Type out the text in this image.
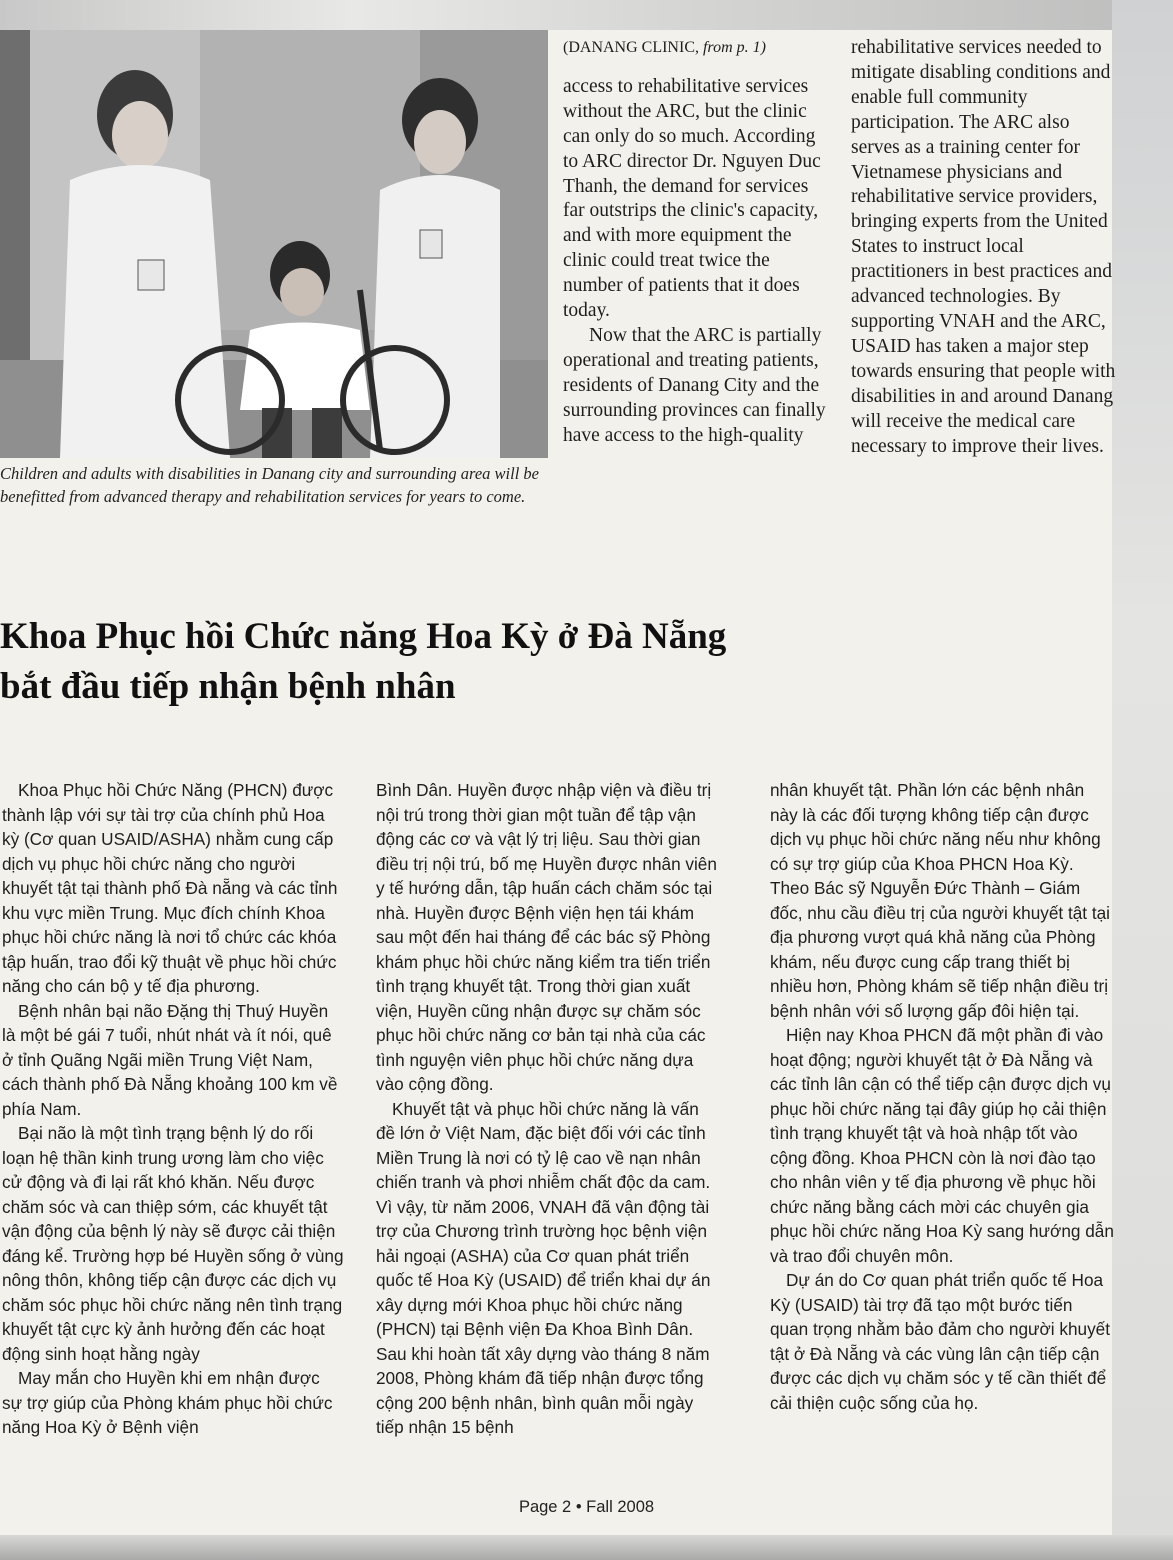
Children and adults with disabilities in Danang city and surrounding area will be benefitted from advanced therapy and rehabilitation services for years to come.

(DANANG CLINIC, from p. 1)

access to rehabilitative services without the ARC, but the clinic can only do so much. According to ARC director Dr. Nguyen Duc Thanh, the demand for services far outstrips the clinic's capacity, and with more equipment the clinic could treat twice the number of patients that it does today.

Now that the ARC is partially operational and treating patients, residents of Danang City and the surrounding provinces can finally have access to the high-quality

rehabilitative services needed to mitigate disabling conditions and enable full community participation. The ARC also serves as a training center for Vietnamese physicians and rehabilitative service providers, bringing experts from the United States to instruct local practitioners in best practices and advanced technologies. By supporting VNAH and the ARC, USAID has taken a major step towards ensuring that people with disabilities in and around Danang will receive the medical care necessary to improve their lives.

Khoa Phục hồi Chức năng Hoa Kỳ ở Đà Nẵng
bắt đầu tiếp nhận bệnh nhân

Khoa Phục hồi Chức Năng (PHCN) được thành lập với sự tài trợ của chính phủ Hoa kỳ (Cơ quan USAID/ASHA) nhằm cung cấp dịch vụ phục hồi chức năng cho người khuyết tật tại thành phố Đà nẵng và các tỉnh khu vực miền Trung. Mục đích chính Khoa phục hồi chức năng là nơi tổ chức các khóa tập huấn, trao đổi kỹ thuật về phục hồi chức năng cho cán bộ y tế địa phương.

Bệnh nhân bại não Đặng thị Thuý Huyền là một bé gái 7 tuổi, nhút nhát và ít nói, quê ở tỉnh Quãng Ngãi miền Trung Việt Nam, cách thành phố Đà Nẵng khoảng 100 km về phía Nam.

Bại não là một tình trạng bệnh lý do rối loạn hệ thần kinh trung ương làm cho việc cử động và đi lại rất khó khăn. Nếu được chăm sóc và can thiệp sớm, các khuyết tật vận động của bệnh lý này sẽ được cải thiện đáng kể. Trường hợp bé Huyền sống ở vùng nông thôn, không tiếp cận được các dịch vụ chăm sóc phục hồi chức năng nên tình trạng khuyết tật cực kỳ ảnh hưởng đến các hoạt động sinh hoạt hằng ngày

May mắn cho Huyền khi em nhận được sự trợ giúp của Phòng khám phục hồi chức năng Hoa Kỳ ở Bệnh viện

Bình Dân. Huyền được nhập viện và điều trị nội trú trong thời gian một tuần để tập vận động các cơ và vật lý trị liệu. Sau thời gian điều trị nội trú, bố mẹ Huyền được nhân viên y tế hướng dẫn, tập huấn cách chăm sóc tại nhà. Huyền được Bệnh viện hẹn tái khám sau một đến hai tháng để các bác sỹ Phòng khám phục hồi chức năng kiểm tra tiến triển tình trạng khuyết tật. Trong thời gian xuất viện, Huyền cũng nhận được sự chăm sóc phục hồi chức năng cơ bản tại nhà của các tình nguyện viên phục hồi chức năng dựa vào cộng đồng.

Khuyết tật và phục hồi chức năng là vấn đề lớn ở Việt Nam, đặc biệt đối với các tỉnh Miền Trung là nơi có tỷ lệ cao về nạn nhân chiến tranh và phơi nhiễm chất độc da cam. Vì vậy, từ năm 2006, VNAH đã vận động tài trợ của Chương trình trường học bệnh viện hải ngoại (ASHA) của Cơ quan phát triển quốc tế Hoa Kỳ (USAID) để triển khai dự án xây dựng mới Khoa phục hồi chức năng (PHCN) tại Bệnh viện Đa Khoa Bình Dân. Sau khi hoàn tất xây dựng vào tháng 8 năm 2008, Phòng khám đã tiếp nhận được tổng cộng 200 bệnh nhân, bình quân mỗi ngày tiếp nhận 15 bệnh

nhân khuyết tật. Phần lớn các bệnh nhân này là các đối tượng không tiếp cận được dịch vụ phục hồi chức năng nếu như không có sự trợ giúp của Khoa PHCN Hoa Kỳ. Theo Bác sỹ Nguyễn Đức Thành – Giám đốc, nhu cầu điều trị của người khuyết tật tại địa phương vượt quá khả năng của Phòng khám, nếu được cung cấp trang thiết bị nhiều hơn, Phòng khám sẽ tiếp nhận điều trị bệnh nhân với số lượng gấp đôi hiện tại.

Hiện nay Khoa PHCN đã một phần đi vào hoạt động; người khuyết tật ở Đà Nẵng và các tỉnh lân cận có thể tiếp cận được dịch vụ phục hồi chức năng tại đây giúp họ cải thiện tình trạng khuyết tật và hoà nhập tốt vào cộng đồng. Khoa PHCN còn là nơi đào tạo cho nhân viên y tế địa phương về phục hồi chức năng bằng cách mời các chuyên gia phục hồi chức năng Hoa Kỳ sang hướng dẫn và trao đổi chuyên môn.

Dự án do Cơ quan phát triển quốc tế Hoa Kỳ (USAID) tài trợ đã tạo một bước tiến quan trọng nhằm bảo đảm cho người khuyết tật ở Đà Nẵng và các vùng lân cận tiếp cận được các dịch vụ chăm sóc y tế cần thiết để cải thiện cuộc sống của họ.

Page 2 • Fall 2008
